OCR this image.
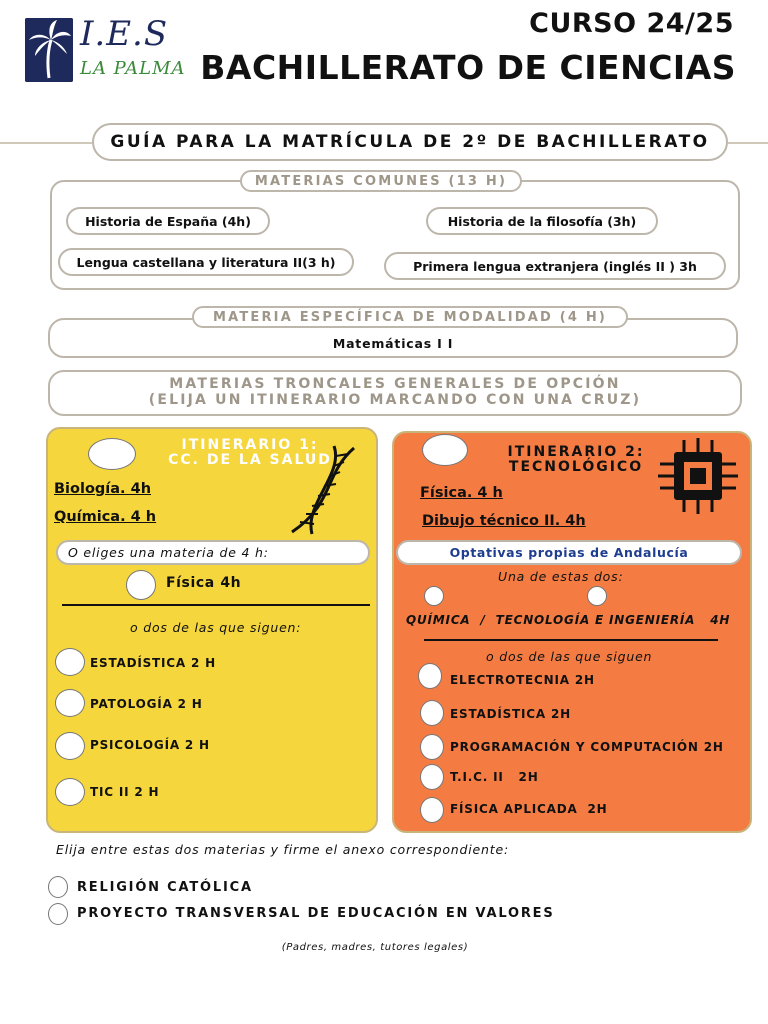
I.E.S
LA PALMA
CURSO 24/25
BACHILLERATO DE CIENCIAS
GUÍA PARA LA MATRÍCULA DE 2º DE BACHILLERATO
MATERIAS COMUNES (13 H)
Historia de España (4h)	Historia de la filosofía (3h)
Lengua castellana y literatura II(3 h)	Primera lengua extranjera (inglés II ) 3h
MATERIA ESPECÍFICA DE MODALIDAD (4 H)
Matemáticas I I
MATERIAS TRONCALES GENERALES DE OPCIÓN
(ELIJA UN ITINERARIO MARCANDO CON UNA CRUZ)
ITINERARIO 1:
CC. DE LA SALUD
Biología. 4h
Química. 4 h
O eliges una materia de 4 h:
Física 4h
o dos de las que siguen:
ESTADÍSTICA 2 H
PATOLOGÍA 2 H
PSICOLOGÍA 2 H
TIC II 2 H
ITINERARIO 2:
TECNOLÓGICO
Física. 4 h
Dibujo técnico II. 4h
Optativas propias de Andalucía
Una de estas dos:
QUÍMICA  /  TECNOLOGÍA E INGENIERÍA   4H
o dos de las que siguen
ELECTROTECNIA 2H
ESTADÍSTICA 2H
PROGRAMACIÓN Y COMPUTACIÓN 2H
T.I.C. II   2H
FÍSICA APLICADA  2H
Elija entre estas dos materias y firme el anexo correspondiente:
RELIGIÓN CATÓLICA
PROYECTO TRANSVERSAL DE EDUCACIÓN EN VALORES
(Padres, madres, tutores legales)
